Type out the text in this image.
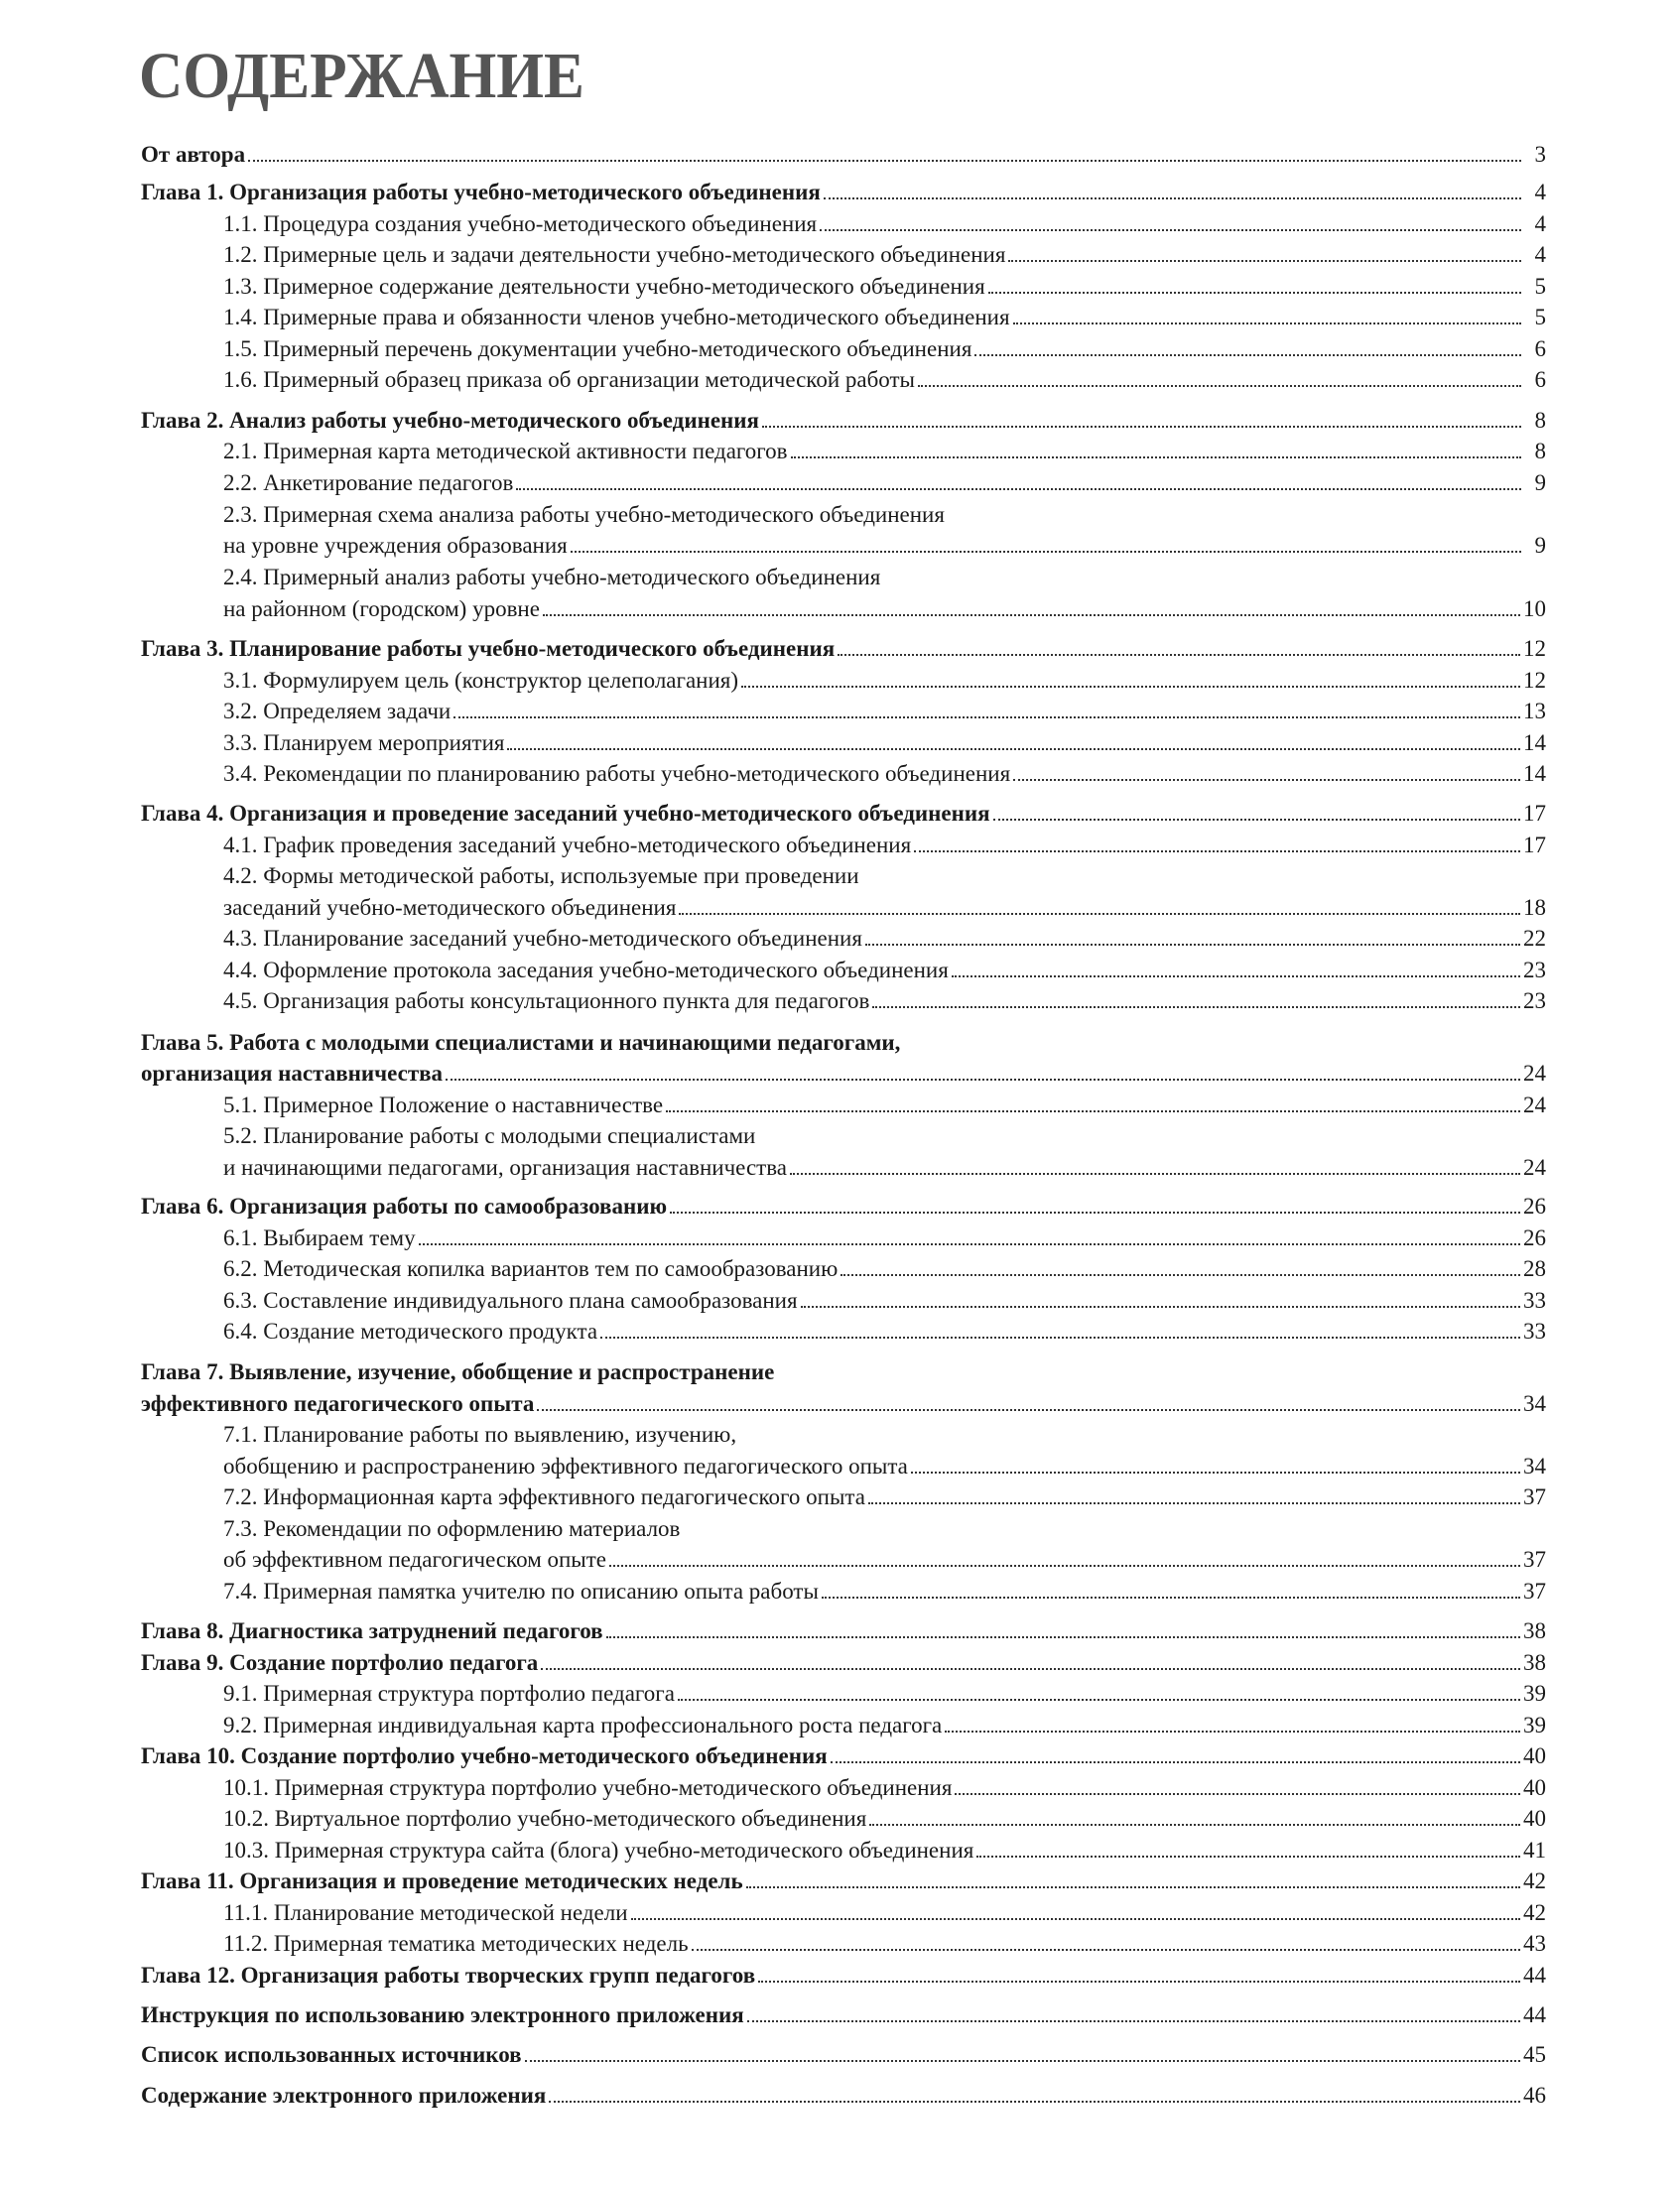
СОДЕРЖАНИЕ
От автора	3
Глава 1. Организация работы учебно-методического объединения	4
1.1. Процедура создания учебно-методического объединения	4
1.2. Примерные цель и задачи деятельности учебно-методического объединения	4
1.3. Примерное содержание деятельности учебно-методического объединения	5
1.4. Примерные права и обязанности членов учебно-методического объединения	5
1.5. Примерный перечень документации учебно-методического объединения	6
1.6. Примерный образец приказа об организации методической работы	6
Глава 2. Анализ работы учебно-методического объединения	8
2.1. Примерная карта методической активности педагогов	8
2.2. Анкетирование педагогов	9
2.3. Примерная схема анализа работы учебно-методического объединения
на уровне учреждения образования	9
2.4. Примерный анализ работы учебно-методического объединения
на районном (городском) уровне	10
Глава 3. Планирование работы учебно-методического объединения	12
3.1. Формулируем цель (конструктор целеполагания)	12
3.2. Определяем задачи	13
3.3. Планируем мероприятия	14
3.4. Рекомендации по планированию работы учебно-методического объединения	14
Глава 4. Организация и проведение заседаний учебно-методического объединения	17
4.1. График проведения заседаний учебно-методического объединения	17
4.2. Формы методической работы, используемые при проведении
заседаний учебно-методического объединения	18
4.3. Планирование заседаний учебно-методического объединения	22
4.4. Оформление протокола заседания учебно-методического объединения	23
4.5. Организация работы консультационного пункта для педагогов	23
Глава 5. Работа с молодыми специалистами и начинающими педагогами,
организация наставничества	24
5.1. Примерное Положение о наставничестве	24
5.2. Планирование работы с молодыми специалистами
и начинающими педагогами, организация наставничества	24
Глава 6. Организация работы по самообразованию	26
6.1. Выбираем тему	26
6.2. Методическая копилка вариантов тем по самообразованию	28
6.3. Составление индивидуального плана самообразования	33
6.4. Создание методического продукта	33
Глава 7. Выявление, изучение, обобщение и распространение
эффективного педагогического опыта	34
7.1. Планирование работы по выявлению, изучению,
обобщению и распространению эффективного педагогического опыта	34
7.2. Информационная карта эффективного педагогического опыта	37
7.3. Рекомендации по оформлению материалов
об эффективном педагогическом опыте	37
7.4. Примерная памятка учителю по описанию опыта работы	37
Глава 8. Диагностика затруднений педагогов	38
Глава 9. Создание портфолио педагога	38
9.1. Примерная структура портфолио педагога	39
9.2. Примерная индивидуальная карта профессионального роста педагога	39
Глава 10. Создание портфолио учебно-методического объединения	40
10.1. Примерная структура портфолио учебно-методического объединения	40
10.2. Виртуальное портфолио учебно-методического объединения	40
10.3. Примерная структура сайта (блога) учебно-методического объединения	41
Глава 11. Организация и проведение методических недель	42
11.1. Планирование методической недели	42
11.2. Примерная тематика методических недель	43
Глава 12. Организация работы творческих групп педагогов	44
Инструкция по использованию электронного приложения	44
Список использованных источников	45
Содержание электронного приложения	46
